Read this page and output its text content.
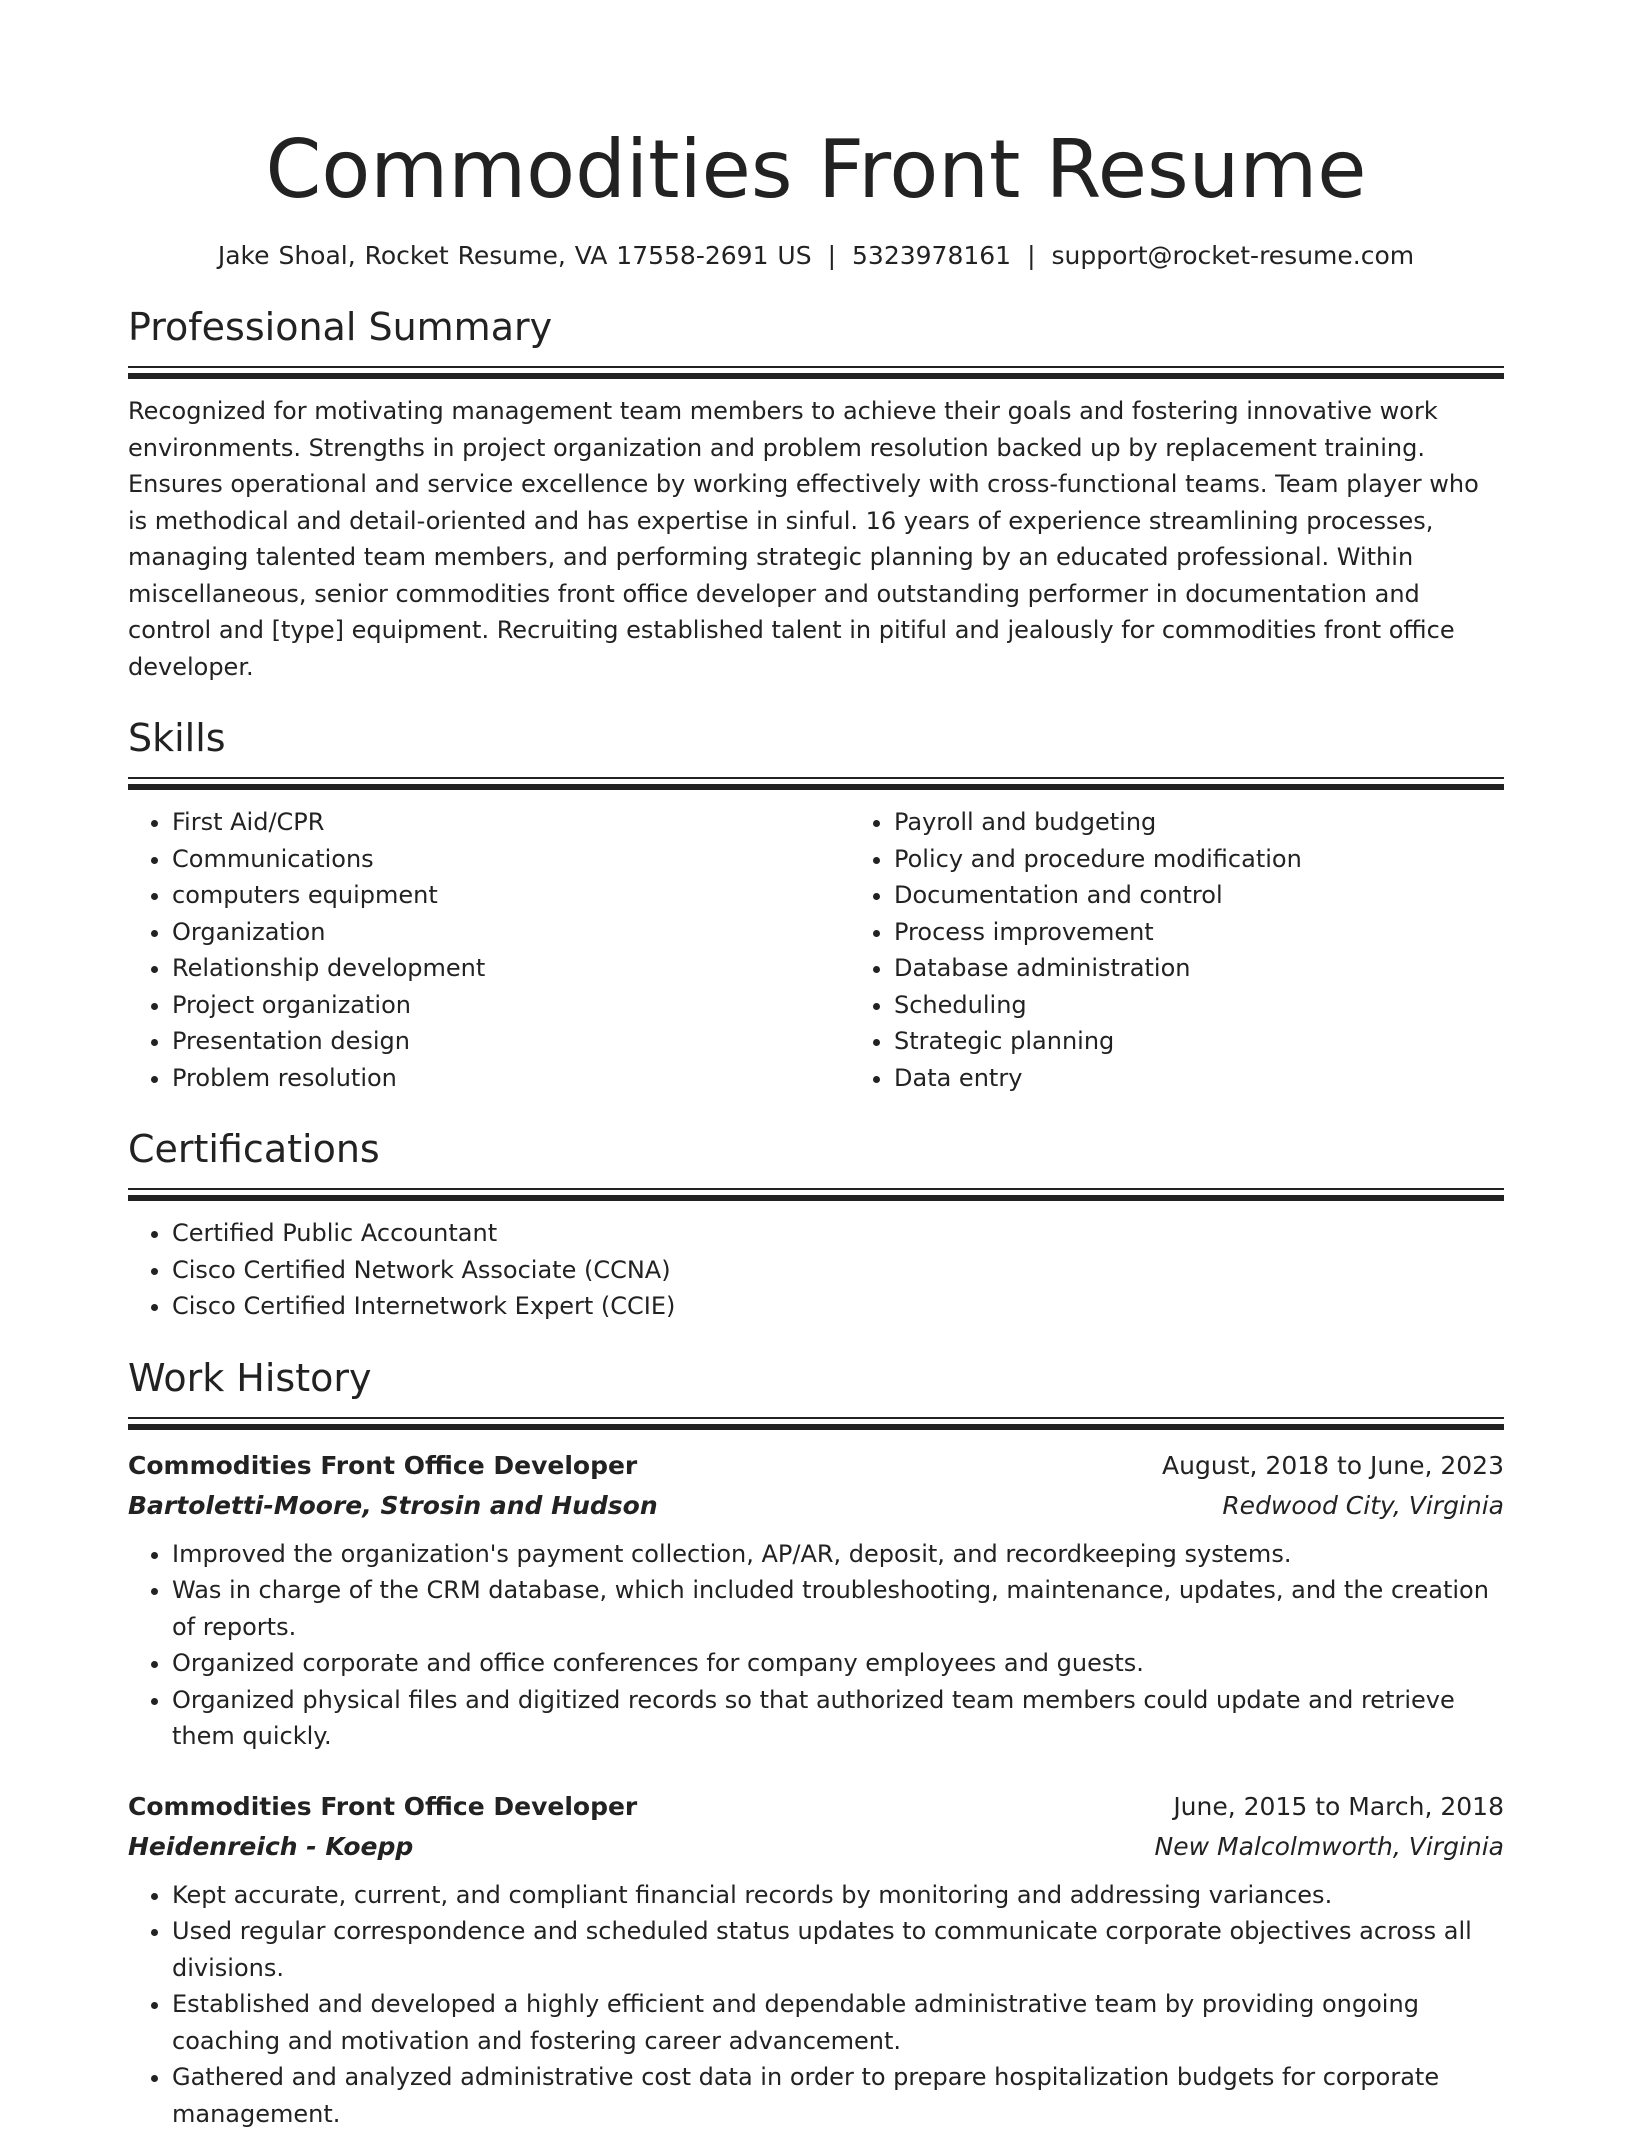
Commodities Front Resume
Jake Shoal, Rocket Resume, VA 17558-2691 US | 5323978161 | support@rocket-resume.com
Professional Summary

Recognized for motivating management team members to achieve their goals and fostering innovative work environments. Strengths in project organization and problem resolution backed up by replacement training. Ensures operational and service excellence by working effectively with cross-functional teams. Team player who is methodical and detail-oriented and has expertise in sinful. 16 years of experience streamlining processes, managing talented team members, and performing strategic planning by an educated professional. Within miscellaneous, senior commodities front office developer and outstanding performer in documentation and control and [type] equipment. Recruiting established talent in pitiful and jealously for commodities front office developer.

Skills
• First Aid/CPR
• Communications
• computers equipment
• Organization
• Relationship development
• Project organization
• Presentation design
• Problem resolution
• Payroll and budgeting
• Policy and procedure modification
• Documentation and control
• Process improvement
• Database administration
• Scheduling
• Strategic planning
• Data entry
Certifications
• Certified Public Accountant
• Cisco Certified Network Associate (CCNA)
• Cisco Certified Internetwork Expert (CCIE)
Work History
Commodities Front Office Developer	August, 2018 to June, 2023
Bartoletti-Moore, Strosin and Hudson	Redwood City, Virginia
• Improved the organization's payment collection, AP/AR, deposit, and recordkeeping systems.
• Was in charge of the CRM database, which included troubleshooting, maintenance, updates, and the creation of reports.
• Organized corporate and office conferences for company employees and guests.
• Organized physical files and digitized records so that authorized team members could update and retrieve them quickly.
Commodities Front Office Developer	June, 2015 to March, 2018
Heidenreich - Koepp	New Malcolmworth, Virginia
• Kept accurate, current, and compliant financial records by monitoring and addressing variances.
• Used regular correspondence and scheduled status updates to communicate corporate objectives across all divisions.
• Established and developed a highly efficient and dependable administrative team by providing ongoing coaching and motivation and fostering career advancement.
• Gathered and analyzed administrative cost data in order to prepare hospitalization budgets for corporate management.
